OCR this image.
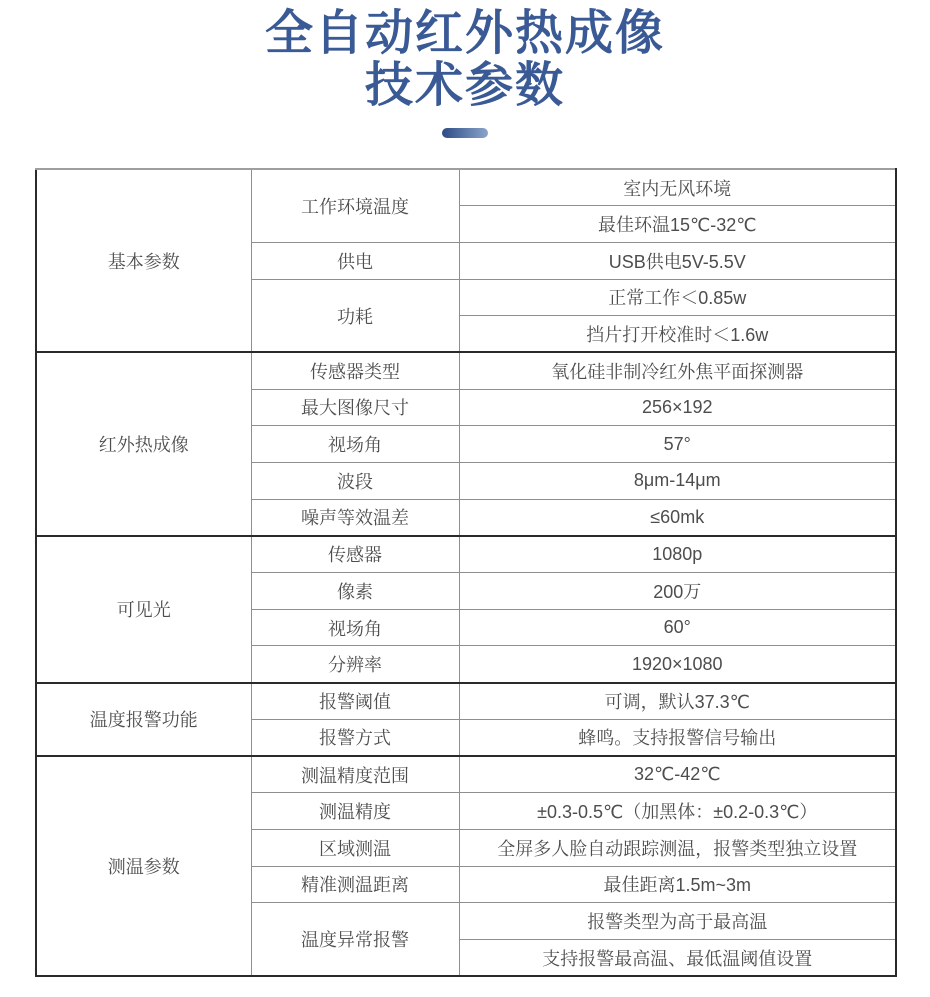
全自动红外热成像
技术参数
基本参数	工作环境温度	室内无风环境
		最佳环温15℃-32℃
	供电	USB供电5V-5.5V
	功耗	正常工作＜0.85w
		挡片打开校准时＜1.6w
红外热成像	传感器类型	氧化硅非制冷红外焦平面探测器
	最大图像尺寸	256×192
	视场角	57°
	波段	8μm-14μm
	噪声等效温差	≤60mk
可见光	传感器	1080p
	像素	200万
	视场角	60°
	分辨率	1920×1080
温度报警功能	报警阈值	可调，默认37.3℃
	报警方式	蜂鸣。支持报警信号输出
测温参数	测温精度范围	32℃-42℃
	测温精度	±0.3-0.5℃（加黑体：±0.2-0.3℃）
	区域测温	全屏多人脸自动跟踪测温，报警类型独立设置
	精准测温距离	最佳距离1.5m~3m
	温度异常报警	报警类型为高于最高温
		支持报警最高温、最低温阈值设置
